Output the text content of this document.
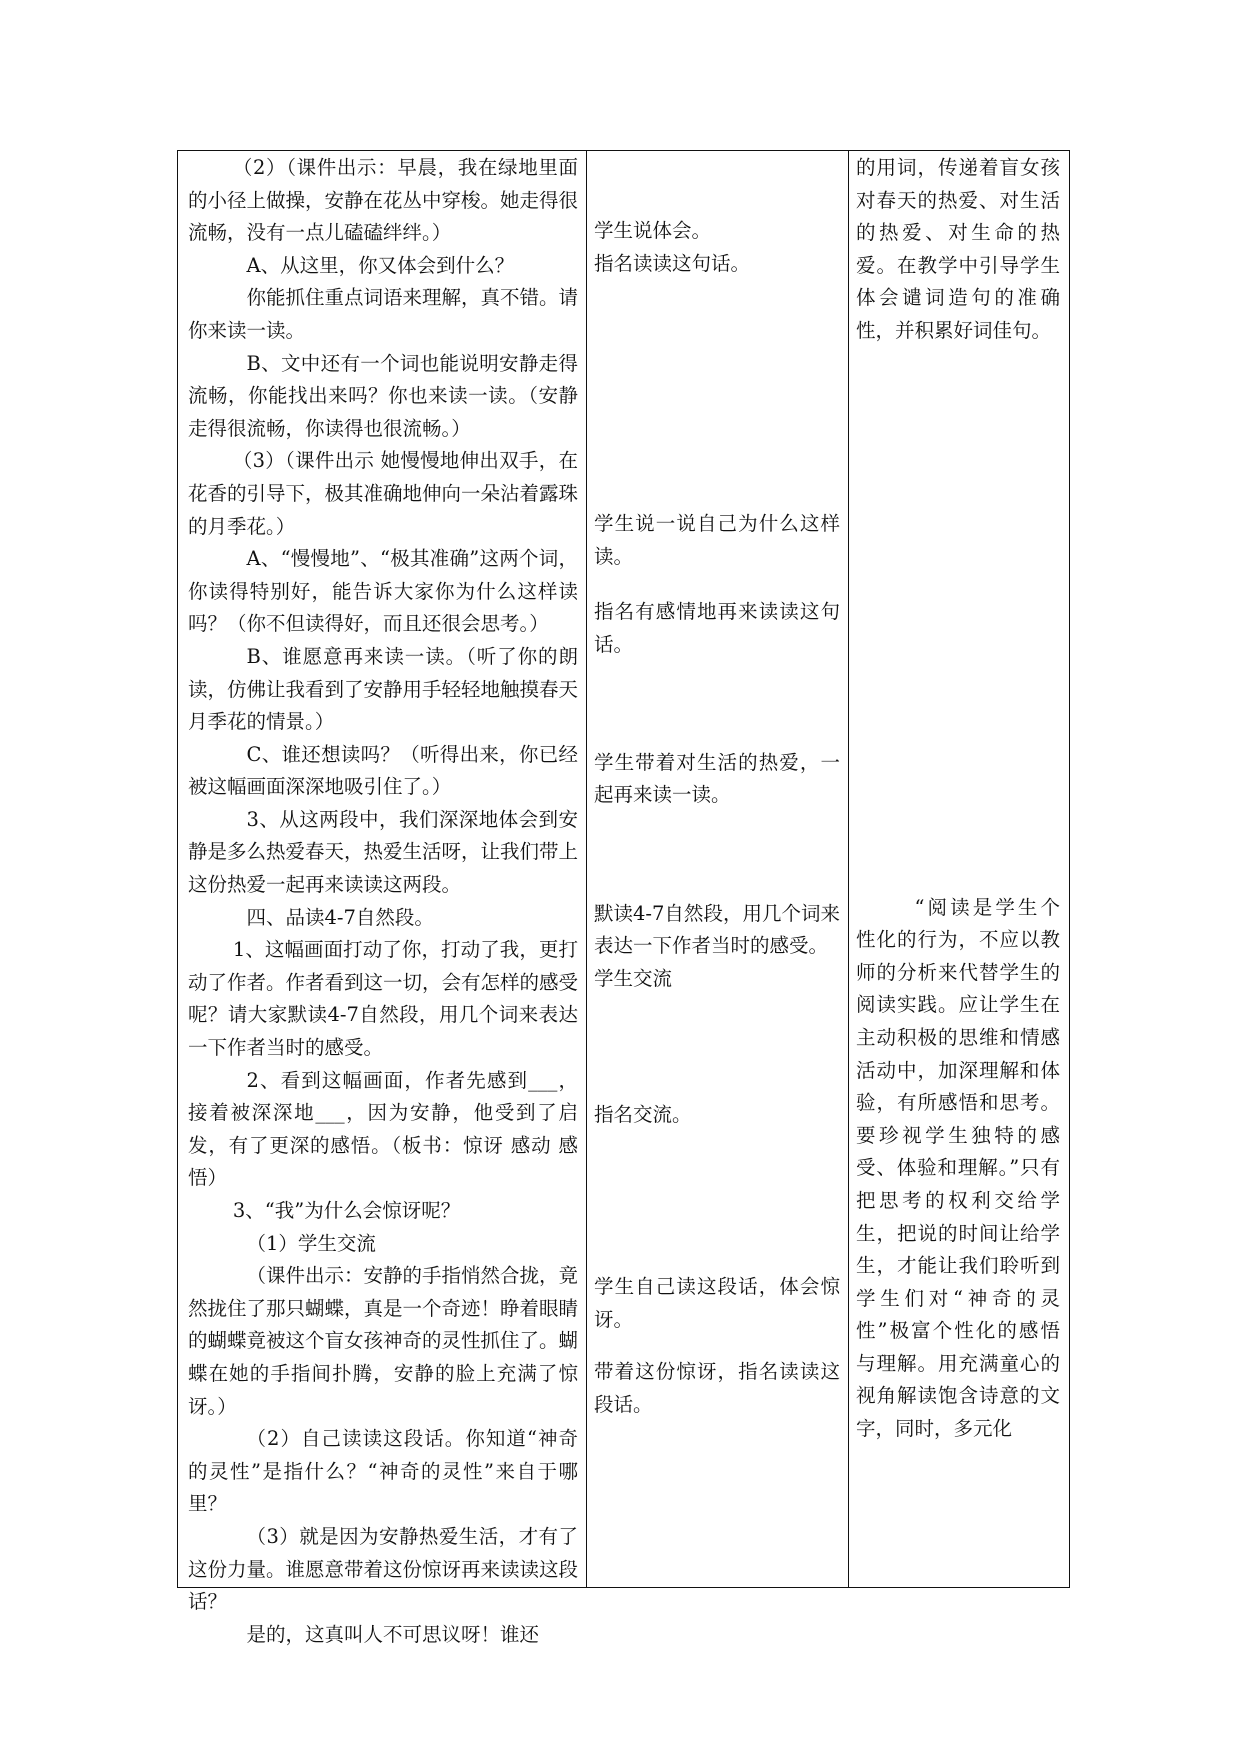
（2）（课件出示：早晨，我在绿地里面的小径上做操，安静在花丛中穿梭。她走得很流畅，没有一点儿磕磕绊绊。）

A、从这里，你又体会到什么？

你能抓住重点词语来理解，真不错。请你来读一读。

B、文中还有一个词也能说明安静走得流畅，你能找出来吗？你也来读一读。（安静走得很流畅，你读得也很流畅。）

（3）（课件出示 她慢慢地伸出双手，在花香的引导下，极其准确地伸向一朵沾着露珠的月季花。）

A、“慢慢地”、“极其准确”这两个词，你读得特别好，能告诉大家你为什么这样读吗？（你不但读得好，而且还很会思考。）

B、谁愿意再来读一读。（听了你的朗读，仿佛让我看到了安静用手轻轻地触摸春天月季花的情景。）

C、谁还想读吗？（听得出来，你已经被这幅画面深深地吸引住了。）

3、从这两段中，我们深深地体会到安静是多么热爱春天，热爱生活呀，让我们带上这份热爱一起再来读读这两段。

四、品读4-7自然段。

1、这幅画面打动了你，打动了我，更打动了作者。作者看到这一切，会有怎样的感受呢？请大家默读4-7自然段，用几个词来表达一下作者当时的感受。

2、看到这幅画面，作者先感到___，接着被深深地___，因为安静，他受到了启发，有了更深的感悟。（板书：惊讶 感动 感悟）

3、“我”为什么会惊讶呢？

（1）学生交流

（课件出示：安静的手指悄然合拢，竟然拢住了那只蝴蝶，真是一个奇迹！睁着眼睛的蝴蝶竟被这个盲女孩神奇的灵性抓住了。蝴蝶在她的手指间扑腾，安静的脸上充满了惊讶。）

（2）自己读读这段话。你知道“神奇的灵性”是指什么？“神奇的灵性”来自于哪里？

（3）就是因为安静热爱生活，才有了这份力量。谁愿意带着这份惊讶再来读读这段话？

是的，这真叫人不可思议呀！谁还

学生说体会。

指名读读这句话。

学生说一说自己为什么这样读。

指名有感情地再来读读这句话。

学生带着对生活的热爱，一起再来读一读。

默读4-7自然段，用几个词来表达一下作者当时的感受。

学生交流

指名交流。

学生自己读这段话，体会惊讶。

带着这份惊讶，指名读读这段话。

的用词，传递着盲女孩对春天的热爱、对生活的热爱、对生命的热爱。在教学中引导学生体会谴词造句的准确性，并积累好词佳句。

“阅读是学生个性化的行为，不应以教师的分析来代替学生的阅读实践。应让学生在主动积极的思维和情感活动中，加深理解和体验，有所感悟和思考。要珍视学生独特的感受、体验和理解。”只有把思考的权利交给学生，把说的时间让给学生，才能让我们聆听到学生们对“神奇的灵性”极富个性化的感悟与理解。用充满童心的视角解读饱含诗意的文字，同时，多元化
